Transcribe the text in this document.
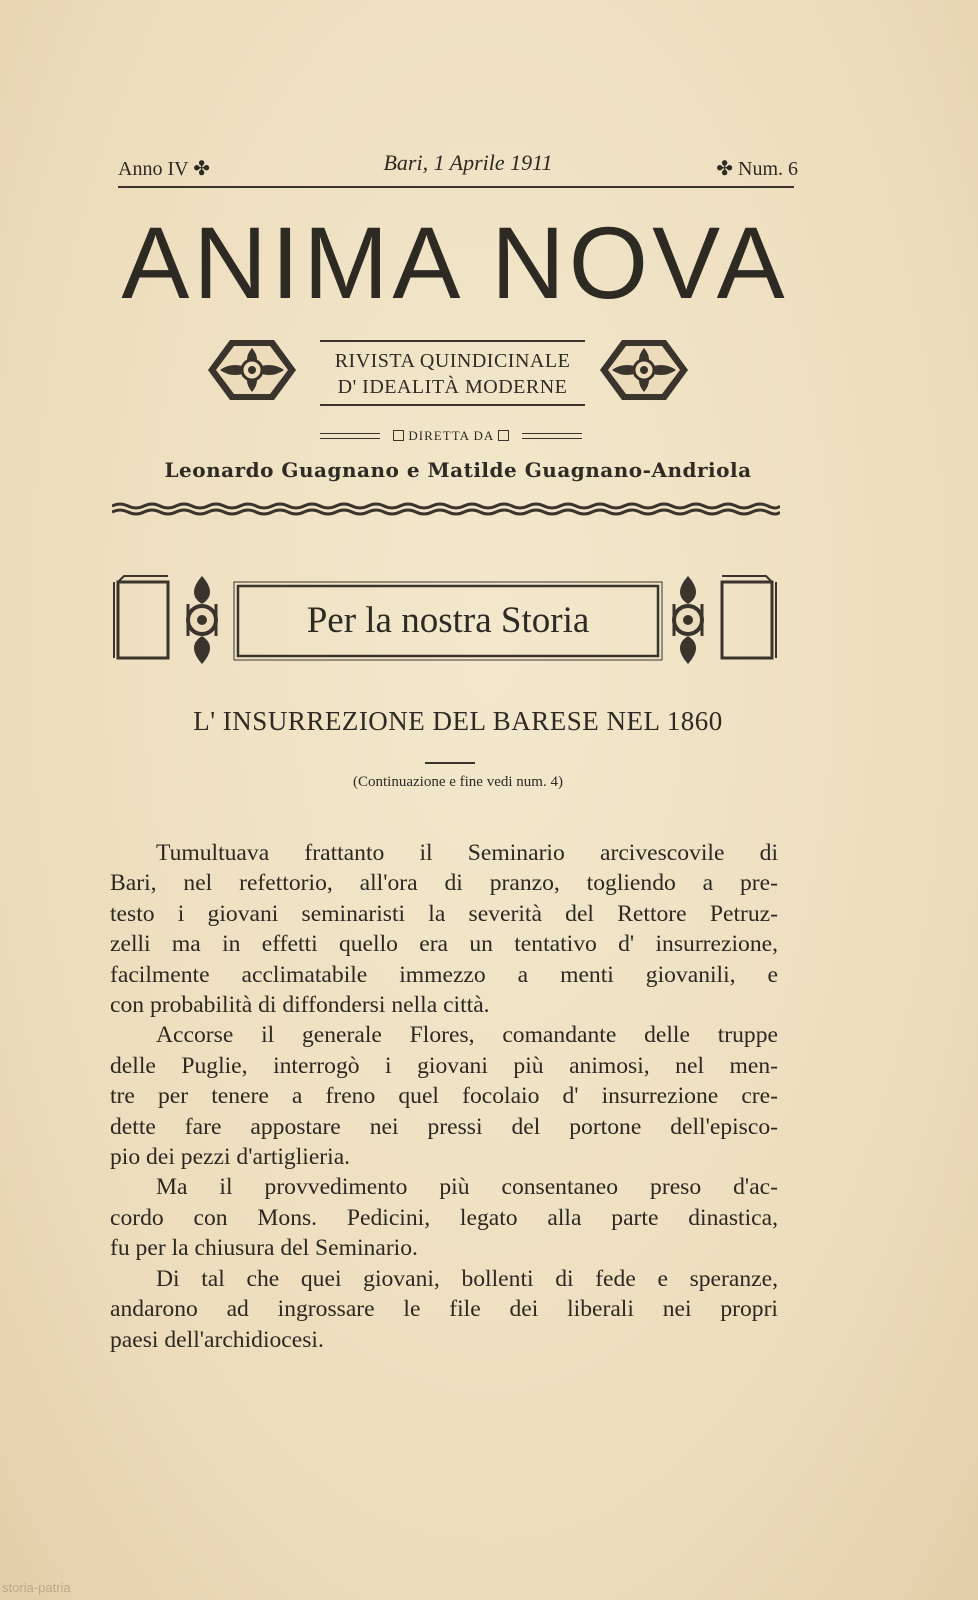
Anno IV ✤	Bari, 1 Aprile 1911	✤ Num. 6
ANIMA NOVA
RIVISTA QUINDICINALE
D' IDEALITÀ MODERNE
DIRETTA DA
Leonardo Guagnano e Matilde Guagnano-Andriola
Per la nostra Storia
L' INSURREZIONE DEL BARESE NEL 1860
(Continuazione e fine vedi num. 4)
Tumultuava frattanto il Seminario arcivescovile di
Bari, nel refettorio, all'ora di pranzo, togliendo a pre-
testo i giovani seminaristi la severità del Rettore Petruz-
zelli ma in effetti quello era un tentativo d' insurrezione,
facilmente acclimatabile immezzo a menti giovanili, e
con probabilità di diffondersi nella città.
Accorse il generale Flores, comandante delle truppe
delle Puglie, interrogò i giovani più animosi, nel men-
tre per tenere a freno quel focolaio d' insurrezione cre-
dette fare appostare nei pressi del portone dell'episco-
pio dei pezzi d'artiglieria.
Ma il provvedimento più consentaneo preso d'ac-
cordo con Mons. Pedicini, legato alla parte dinastica,
fu per la chiusura del Seminario.
Di tal che quei giovani, bollenti di fede e speranze,
andarono ad ingrossare le file dei liberali nei propri
paesi dell'archidiocesi.
storia-patria
